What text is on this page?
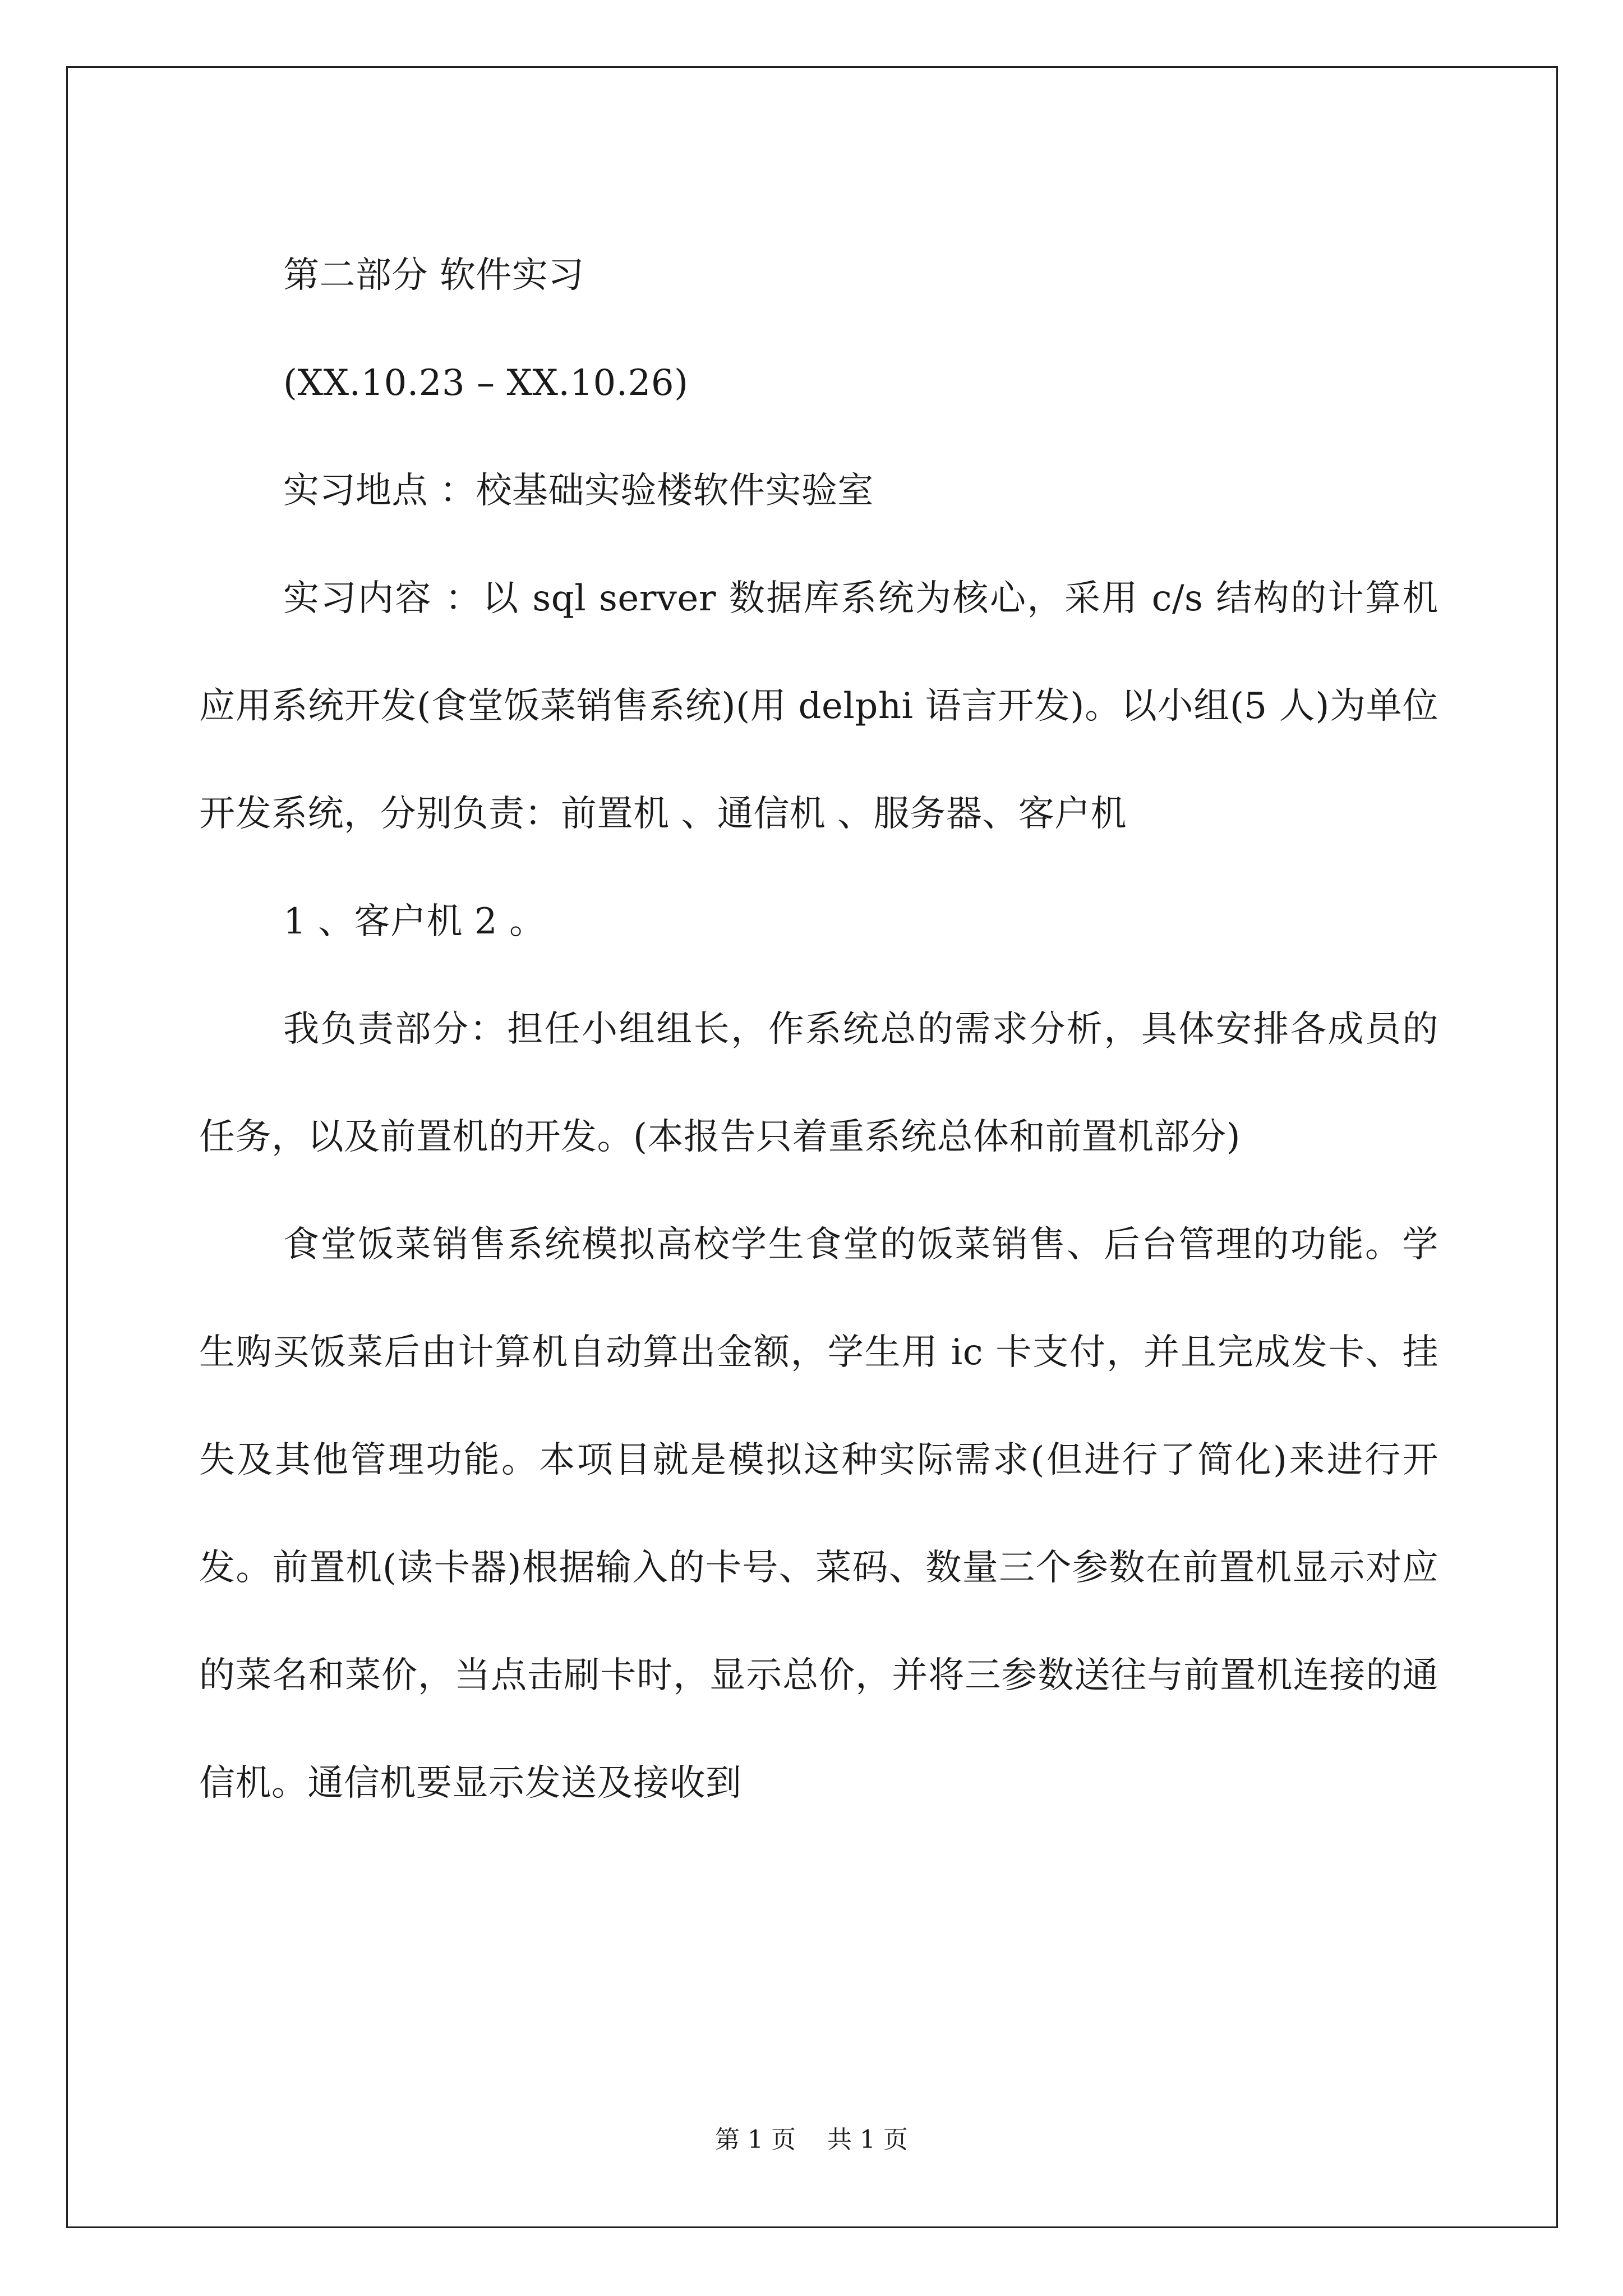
第二部分 软件实习

(XX.10.23 – XX.10.26)

实习地点 ：校基础实验楼软件实验室

实习内容 ：以 sql server 数据库系统为核心，采用 c/s 结构的计算机应用系统开发(食堂饭菜销售系统)(用 delphi 语言开发)。以小组(5 人)为单位开发系统，分别负责：前置机 、通信机 、服务器、客户机

1 、客户机 2 。

我负责部分：担任小组组长，作系统总的需求分析，具体安排各成员的任务，以及前置机的开发。(本报告只着重系统总体和前置机部分)

食堂饭菜销售系统模拟高校学生食堂的饭菜销售、后台管理的功能。学生购买饭菜后由计算机自动算出金额，学生用 ic 卡支付，并且完成发卡、挂失及其他管理功能。本项目就是模拟这种实际需求(但进行了简化)来进行开发。前置机(读卡器)根据输入的卡号、菜码、数量三个参数在前置机显示对应的菜名和菜价，当点击刷卡时，显示总价，并将三参数送往与前置机连接的通信机。通信机要显示发送及接收到

第 1 页    共 1 页
